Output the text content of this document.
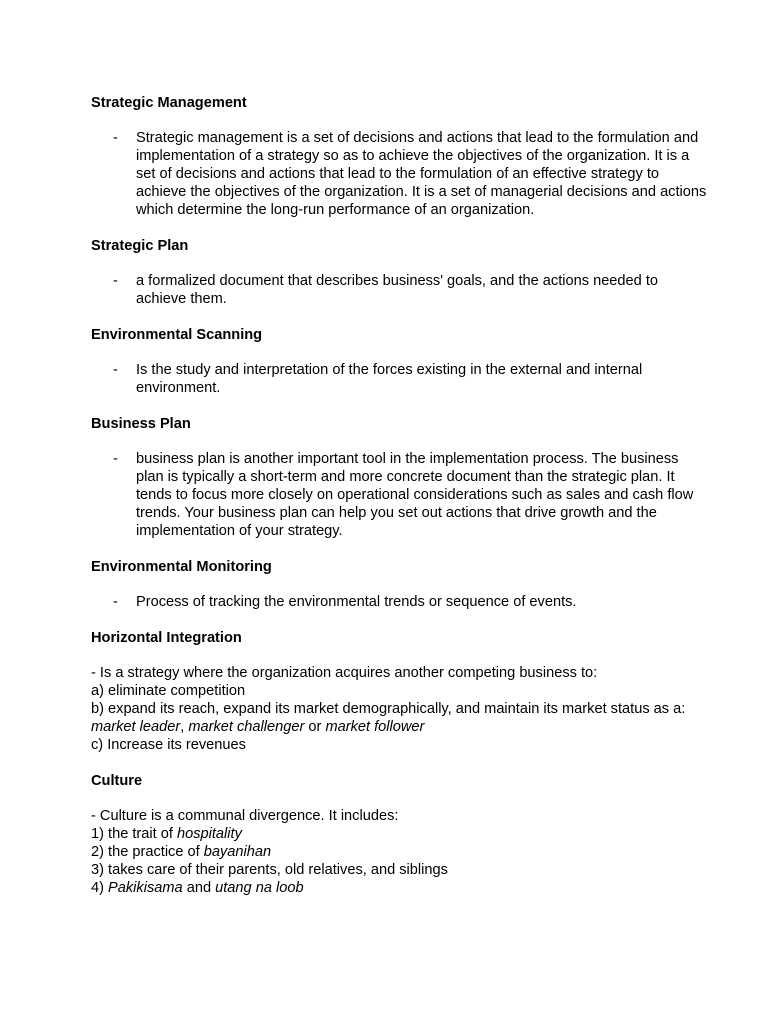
Strategic Management

- Strategic management is a set of decisions and actions that lead to the formulation and implementation of a strategy so as to achieve the objectives of the organization. It is a set of decisions and actions that lead to the formulation of an effective strategy to achieve the objectives of the organization. It is a set of managerial decisions and actions which determine the long-run performance of an organization.

Strategic Plan

- a formalized document that describes business' goals, and the actions needed to achieve them.

Environmental Scanning

- Is the study and interpretation of the forces existing in the external and internal environment.

Business Plan

- business plan is another important tool in the implementation process. The business plan is typically a short-term and more concrete document than the strategic plan. It tends to focus more closely on operational considerations such as sales and cash flow trends. Your business plan can help you set out actions that drive growth and the implementation of your strategy.

Environmental Monitoring

- Process of tracking the environmental trends or sequence of events.

Horizontal Integration

- Is a strategy where the organization acquires another competing business to:

a) eliminate competition

b) expand its reach, expand its market demographically, and maintain its market status as a: market leader, market challenger or market follower

c) Increase its revenues

Culture

- Culture is a communal divergence. It includes:

1) the trait of hospitality

2) the practice of bayanihan

3) takes care of their parents, old relatives, and siblings

4) Pakikisama and utang na loob
